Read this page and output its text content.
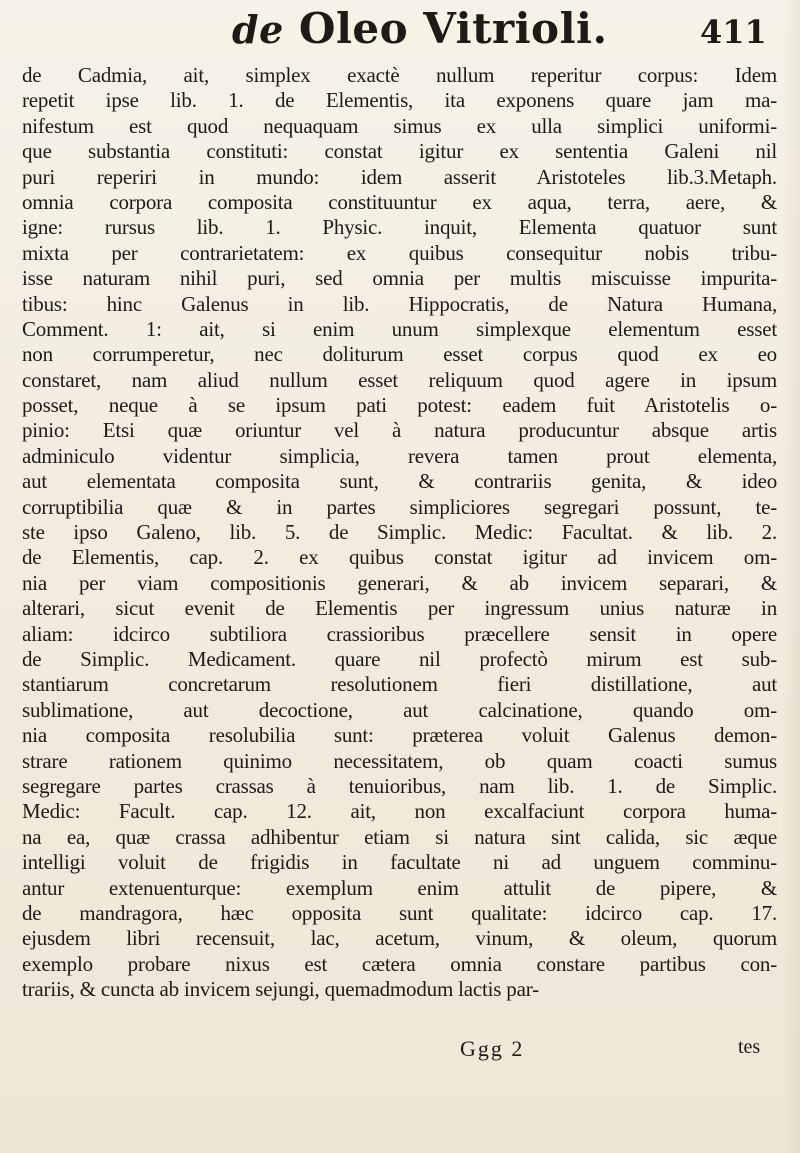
de Oleo Vitrioli.	411
de Cadmia, ait, simplex exactè nullum reperitur corpus: Idem
repetit ipse lib. 1. de Elementis, ita exponens quare jam ma-
nifestum est quod nequaquam simus ex ulla simplici uniformi-
que substantia constituti: constat igitur ex sententia Galeni nil
puri reperiri in mundo: idem asserit Aristoteles lib.3.Metaph.
omnia corpora composita constituuntur ex aqua, terra, aere, &
igne: rursus lib. 1. Physic. inquit, Elementa quatuor sunt
mixta per contrarietatem: ex quibus consequitur nobis tribu-
isse naturam nihil puri, sed omnia per multis miscuisse impurita-
tibus: hinc Galenus in lib. Hippocratis, de Natura Humana,
Comment. 1: ait, si enim unum simplexque elementum esset
non corrumperetur, nec doliturum esset corpus quod ex eo
constaret, nam aliud nullum esset reliquum quod agere in ipsum
posset, neque à se ipsum pati potest: eadem fuit Aristotelis o-
pinio: Etsi quæ oriuntur vel à natura producuntur absque artis
adminiculo videntur simplicia, revera tamen prout elementa,
aut elementata composita sunt, & contrariis genita, & ideo
corruptibilia quæ & in partes simpliciores segregari possunt, te-
ste ipso Galeno, lib. 5. de Simplic. Medic: Facultat. & lib. 2.
de Elementis, cap. 2. ex quibus constat igitur ad invicem om-
nia per viam compositionis generari, & ab invicem separari, &
alterari, sicut evenit de Elementis per ingressum unius naturæ in
aliam: idcirco subtiliora crassioribus præcellere sensit in opere
de Simplic. Medicament. quare nil profectò mirum est sub-
stantiarum concretarum resolutionem fieri distillatione, aut
sublimatione, aut decoctione, aut calcinatione, quando om-
nia composita resolubilia sunt: præterea voluit Galenus demon-
strare rationem quinimo necessitatem, ob quam coacti sumus
segregare partes crassas à tenuioribus, nam lib. 1. de Simplic.
Medic: Facult. cap. 12. ait, non excalfaciunt corpora huma-
na ea, quæ crassa adhibentur etiam si natura sint calida, sic æque
intelligi voluit de frigidis in facultate ni ad unguem comminu-
antur extenuenturque: exemplum enim attulit de pipere, &
de mandragora, hæc opposita sunt qualitate: idcirco cap. 17.
ejusdem libri recensuit, lac, acetum, vinum, & oleum, quorum
exemplo probare nixus est cætera omnia constare partibus con-
trariis, & cuncta ab invicem sejungi, quemadmodum lactis par-
Ggg 2	tes
